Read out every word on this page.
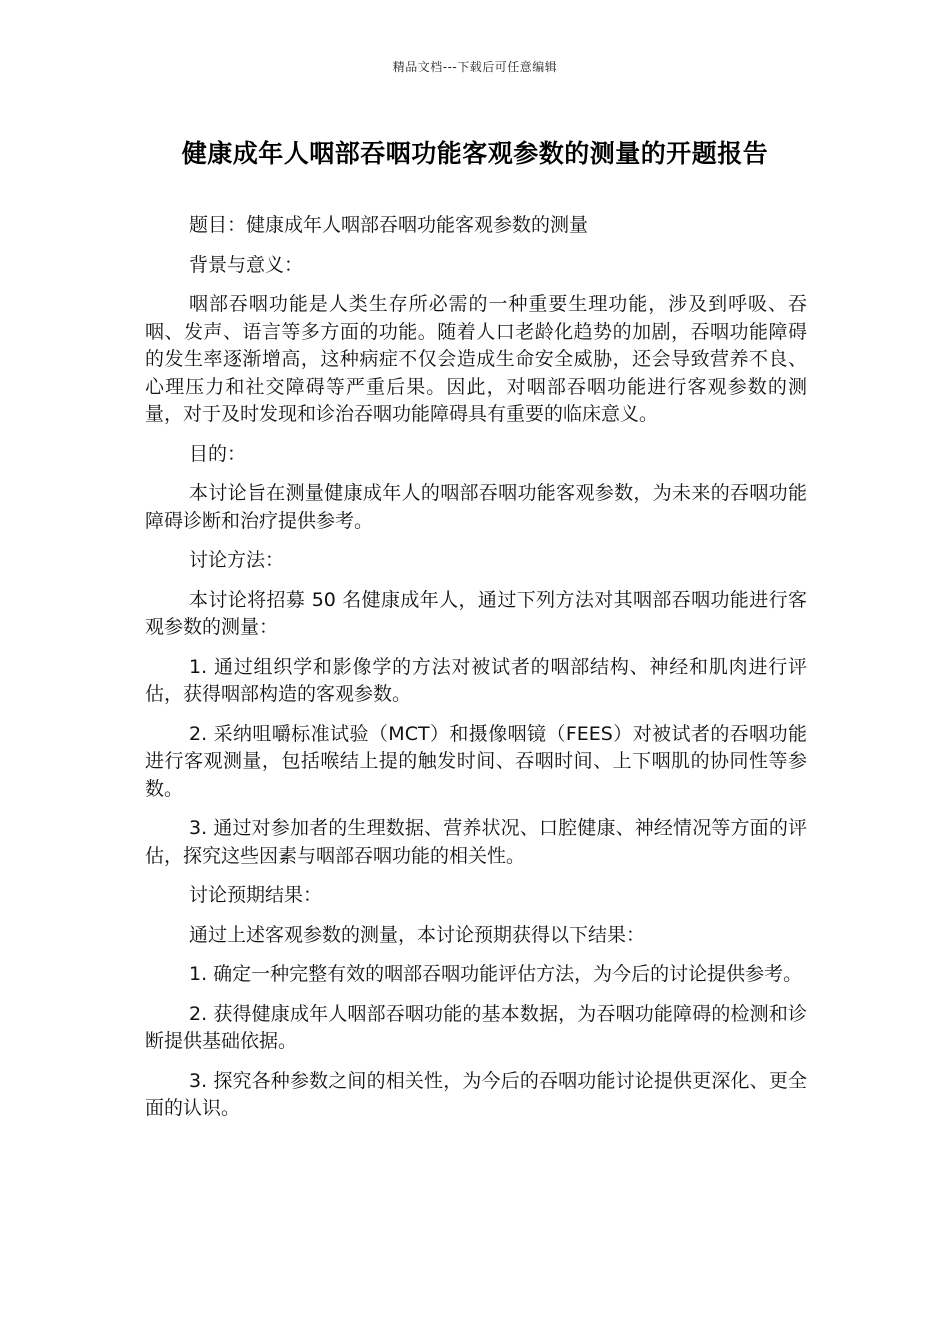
精品文档---下载后可任意编辑
健康成年人咽部吞咽功能客观参数的测量的开题报告

题目：健康成年人咽部吞咽功能客观参数的测量

背景与意义：

咽部吞咽功能是人类生存所必需的一种重要生理功能，涉及到呼吸、吞咽、发声、语言等多方面的功能。随着人口老龄化趋势的加剧，吞咽功能障碍的发生率逐渐增高，这种病症不仅会造成生命安全威胁，还会导致营养不良、心理压力和社交障碍等严重后果。因此，对咽部吞咽功能进行客观参数的测量，对于及时发现和诊治吞咽功能障碍具有重要的临床意义。

目的：

本讨论旨在测量健康成年人的咽部吞咽功能客观参数，为未来的吞咽功能障碍诊断和治疗提供参考。

讨论方法：

本讨论将招募 50 名健康成年人，通过下列方法对其咽部吞咽功能进行客观参数的测量：

1. 通过组织学和影像学的方法对被试者的咽部结构、神经和肌肉进行评估，获得咽部构造的客观参数。

2. 采纳咀嚼标准试验（MCT）和摄像咽镜（FEES）对被试者的吞咽功能进行客观测量，包括喉结上提的触发时间、吞咽时间、上下咽肌的协同性等参数。

3. 通过对参加者的生理数据、营养状况、口腔健康、神经情况等方面的评估，探究这些因素与咽部吞咽功能的相关性。

讨论预期结果：

通过上述客观参数的测量，本讨论预期获得以下结果：

1. 确定一种完整有效的咽部吞咽功能评估方法，为今后的讨论提供参考。

2. 获得健康成年人咽部吞咽功能的基本数据，为吞咽功能障碍的检测和诊断提供基础依据。

3. 探究各种参数之间的相关性，为今后的吞咽功能讨论提供更深化、更全面的认识。
